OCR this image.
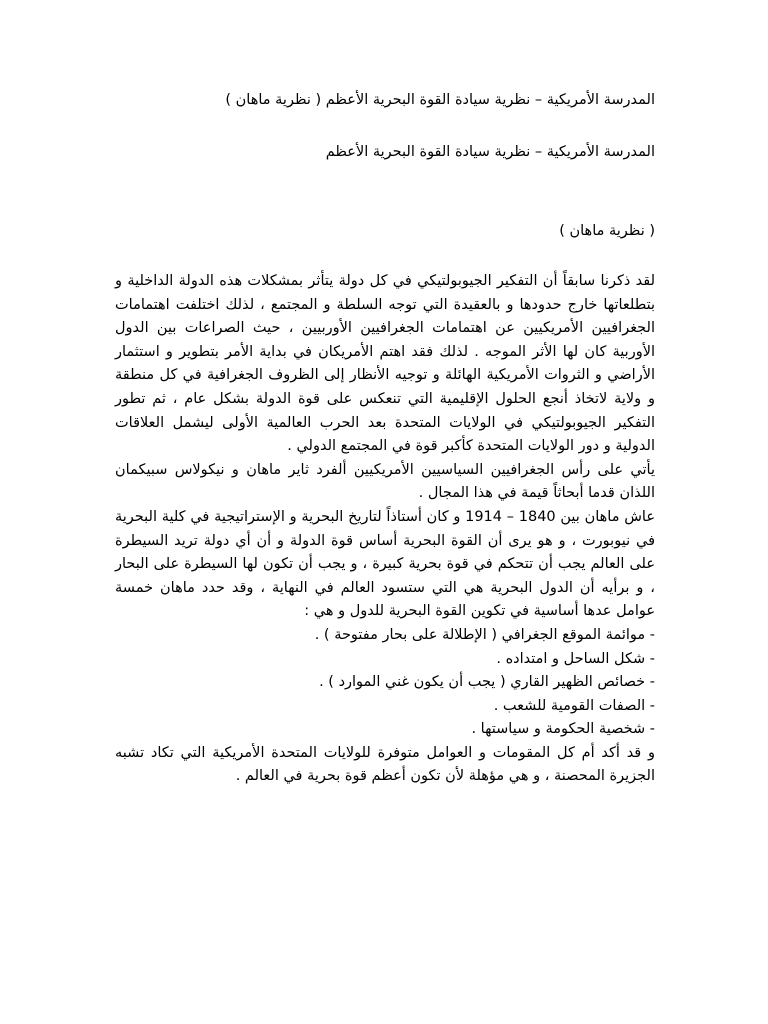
المدرسة الأمريكية – نظرية سيادة القوة البحرية الأعظم ( نظرية ماهان )
المدرسة الأمريكية – نظرية سيادة القوة البحرية الأعظم
( نظرية ماهان )

لقد ذكرنا سابقاً أن التفكير الجيوبولتيكي في كل دولة يتأثر بمشكلات هذه الدولة الداخلية و بتطلعاتها خارج حدودها و بالعقيدة التي توجه السلطة و المجتمع ، لذلك اختلفت اهتمامات الجغرافيين الأمريكيين عن اهتمامات الجغرافيين الأوربيين ، حيث الصراعات بين الدول الأوربية كان لها الأثر الموجه . لذلك فقد اهتم الأمريكان في بداية الأمر بتطوير و استثمار الأراضي و الثروات الأمريكية الهائلة و توجيه الأنظار إلى الظروف الجغرافية في كل منطقة و ولاية لاتخاذ أنجع الحلول الإقليمية التي تنعكس على قوة الدولة بشكل عام ، ثم تطور التفكير الجيوبولتيكي في الولايات المتحدة بعد الحرب العالمية الأولى ليشمل العلاقات الدولية و دور الولايات المتحدة كأكبر قوة في المجتمع الدولي .

يأتي على رأس الجغرافيين السياسيين الأمريكيين ألفرد ثاير ماهان و نيكولاس سبيكمان اللذان قدما أبحاثاً قيمة في هذا المجال .

عاش ماهان بين 1840 – 1914 و كان أستاذاً لتاريخ البحرية و الإستراتيجية في كلية البحرية في نيوبورت ، و هو يرى أن القوة البحرية أساس قوة الدولة و أن أي دولة تريد السيطرة على العالم يجب أن تتحكم في قوة بحرية كبيرة ، و يجب أن تكون لها السيطرة على البحار ، و برأيه أن الدول البحرية هي التي ستسود العالم في النهاية ، وقد حدد ماهان خمسة عوامل عدها أساسية في تكوين القوة البحرية للدول و هي :

- موائمة الموقع الجغرافي ( الإطلالة على بحار مفتوحة ) .
- شكل الساحل و امتداده .
- خصائص الظهير القاري ( يجب أن يكون غني الموارد ) .
- الصفات القومية للشعب .
- شخصية الحكومة و سياستها .

و قد أكد أم كل المقومات و العوامل متوفرة للولايات المتحدة الأمريكية التي تكاد تشبه الجزيرة المحصنة ، و هي مؤهلة لأن تكون أعظم قوة بحرية في العالم .
